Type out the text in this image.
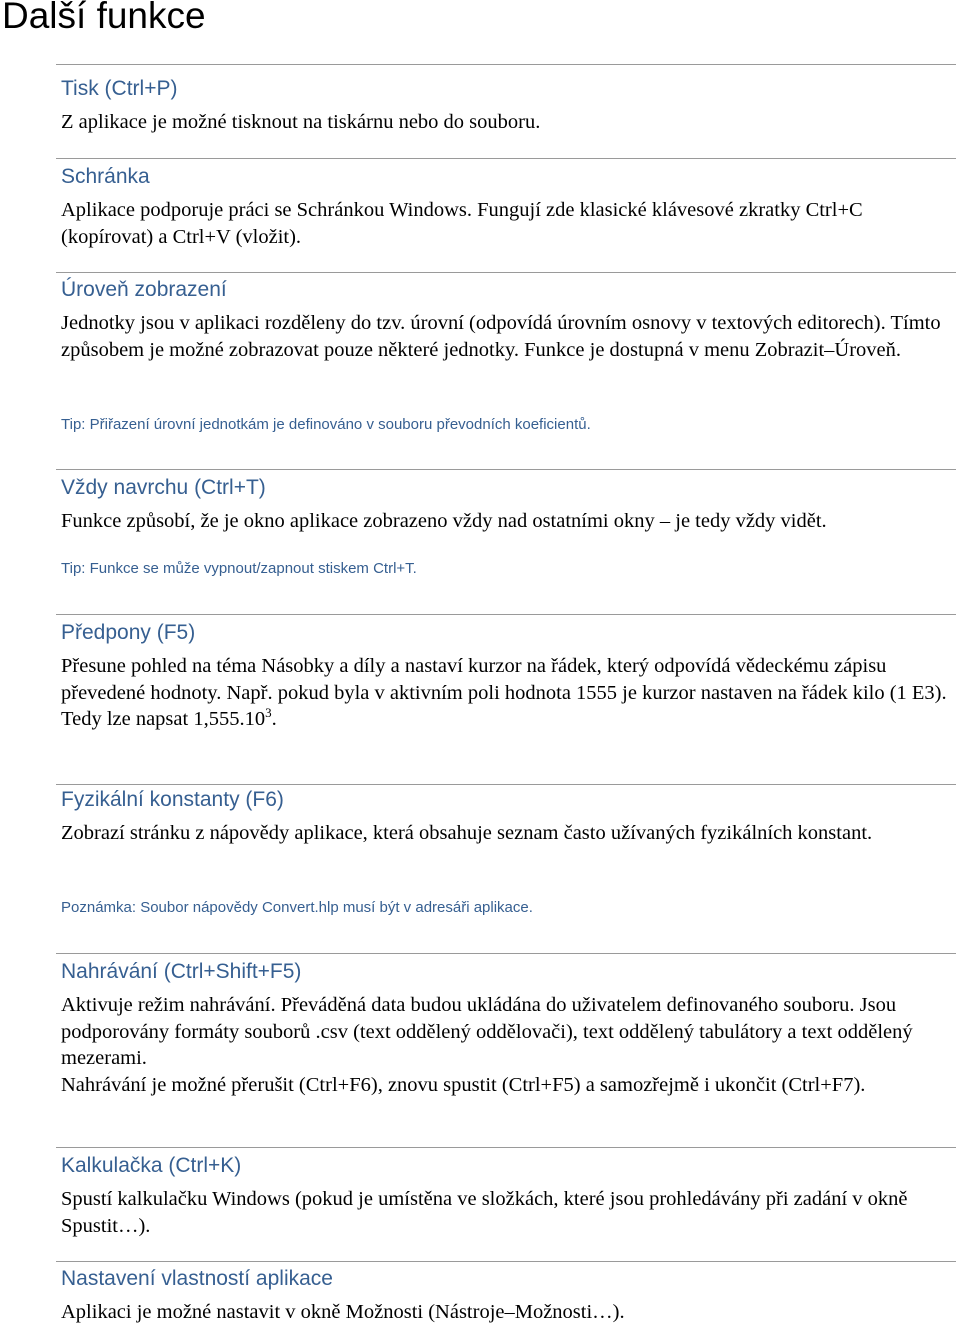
Další funkce
Tisk (Ctrl+P)

Z aplikace je možné tisknout na tiskárnu nebo do souboru.

Schránka

Aplikace podporuje práci se Schránkou Windows. Fungují zde klasické klávesové zkratky Ctrl+C (kopírovat) a Ctrl+V (vložit).

Úroveň zobrazení

Jednotky jsou v aplikaci rozděleny do tzv. úrovní (odpovídá úrovním osnovy v textových editorech). Tímto způsobem je možné zobrazovat pouze některé jednotky. Funkce je dostupná v menu Zobrazit–Úroveň.

Tip: Přiřazení úrovní jednotkám je definováno v souboru převodních koeficientů.

Vždy navrchu (Ctrl+T)

Funkce způsobí, že je okno aplikace zobrazeno vždy nad ostatními okny – je tedy vždy vidět.

Tip: Funkce se může vypnout/zapnout stiskem Ctrl+T.

Předpony (F5)

Přesune pohled na téma Násobky a díly a nastaví kurzor na řádek, který odpovídá vědeckému zápisu převedené hodnoty. Např. pokud byla v aktivním poli hodnota 1555 je kurzor nastaven na řádek kilo (1 E3). Tedy lze napsat 1,555.10$^3$.

Fyzikální konstanty (F6)

Zobrazí stránku z nápovědy aplikace, která obsahuje seznam často užívaných fyzikálních konstant.

Poznámka: Soubor nápovědy Convert.hlp musí být v adresáři aplikace.

Nahrávání (Ctrl+Shift+F5)

Aktivuje režim nahrávání. Převáděná data budou ukládána do uživatelem definovaného souboru. Jsou podporovány formáty souborů .csv (text oddělený oddělovači), text oddělený tabulátory a text oddělený mezerami.

Nahrávání je možné přerušit (Ctrl+F6), znovu spustit (Ctrl+F5) a samozřejmě i ukončit (Ctrl+F7).

Kalkulačka (Ctrl+K)

Spustí kalkulačku Windows (pokud je umístěna ve složkách, které jsou prohledávány při zadání v okně Spustit…).

Nastavení vlastností aplikace

Aplikaci je možné nastavit v okně Možnosti (Nástroje–Možnosti…).
